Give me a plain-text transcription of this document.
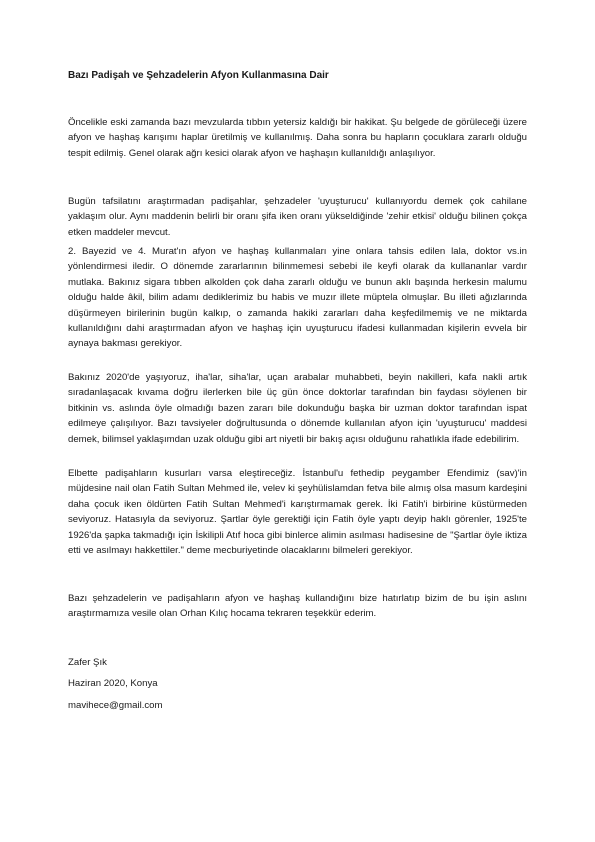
Bazı Padişah ve Şehzadelerin Afyon Kullanmasına Dair

Öncelikle eski zamanda bazı mevzularda tıbbın yetersiz kaldığı bir hakikat. Şu belgede de görüleceği üzere afyon ve haşhaş karışımı haplar üretilmiş ve kullanılmış. Daha sonra bu hapların çocuklara zararlı olduğu tespit edilmiş. Genel olarak ağrı kesici olarak afyon ve haşhaşın kullanıldığı anlaşılıyor.

Bugün tafsilatını araştırmadan padişahlar, şehzadeler 'uyuşturucu' kullanıyordu demek çok cahilane yaklaşım olur. Aynı maddenin belirli bir oranı şifa iken oranı yükseldiğinde 'zehir etkisi' olduğu bilinen çokça etken maddeler mevcut.

2. Bayezid ve 4. Murat'ın afyon ve haşhaş kullanmaları yine onlara tahsis edilen lala, doktor vs.in yönlendirmesi iledir. O dönemde zararlarının bilinmemesi sebebi ile keyfi olarak da kullananlar vardır mutlaka. Bakınız sigara tıbben alkolden çok daha zararlı olduğu ve bunun aklı başında herkesin malumu olduğu halde âkil, bilim adamı dediklerimiz bu habis ve muzır illete müptela olmuşlar. Bu illeti ağızlarında düşürmeyen birilerinin bugün kalkıp, o zamanda hakiki zararları daha keşfedilmemiş ve ne miktarda kullanıldığını dahi araştırmadan afyon ve haşhaş için uyuşturucu ifadesi kullanmadan kişilerin evvela bir aynaya bakması gerekiyor.

Bakınız 2020'de yaşıyoruz, iha'lar, siha'lar, uçan arabalar muhabbeti, beyin nakilleri, kafa nakli artık sıradanlaşacak kıvama doğru ilerlerken bile üç gün önce doktorlar tarafından bin faydası söylenen bir bitkinin vs. aslında öyle olmadığı bazen zararı bile dokunduğu başka bir uzman doktor tarafından ispat edilmeye çalışılıyor. Bazı tavsiyeler doğrultusunda o dönemde kullanılan afyon için 'uyuşturucu' maddesi demek, bilimsel yaklaşımdan uzak olduğu gibi art niyetli bir bakış açısı olduğunu rahatlıkla ifade edebilirim.

Elbette padişahların kusurları varsa eleştireceğiz. İstanbul'u fethedip peygamber Efendimiz (sav)'in müjdesine nail olan Fatih Sultan Mehmed ile, velev ki şeyhülislamdan fetva bile almış olsa masum kardeşini daha çocuk iken öldürten Fatih Sultan Mehmed'i karıştırmamak gerek. İki Fatih'i birbirine küstürmeden seviyoruz. Hatasıyla da seviyoruz. Şartlar öyle gerektiği için Fatih öyle yaptı deyip haklı görenler, 1925'te 1926'da şapka takmadığı için İskilipli Atıf hoca gibi binlerce alimin asılması hadisesine de "Şartlar öyle iktiza etti ve asılmayı hakkettiler." deme mecburiyetinde olacaklarını bilmeleri gerekiyor.

Bazı şehzadelerin ve padişahların afyon ve haşhaş kullandığını bize hatırlatıp bizim de bu işin aslını araştırmamıza vesile olan Orhan Kılıç hocama tekraren teşekkür ederim.

Zafer Şık
Haziran 2020, Konya
mavihece@gmail.com
